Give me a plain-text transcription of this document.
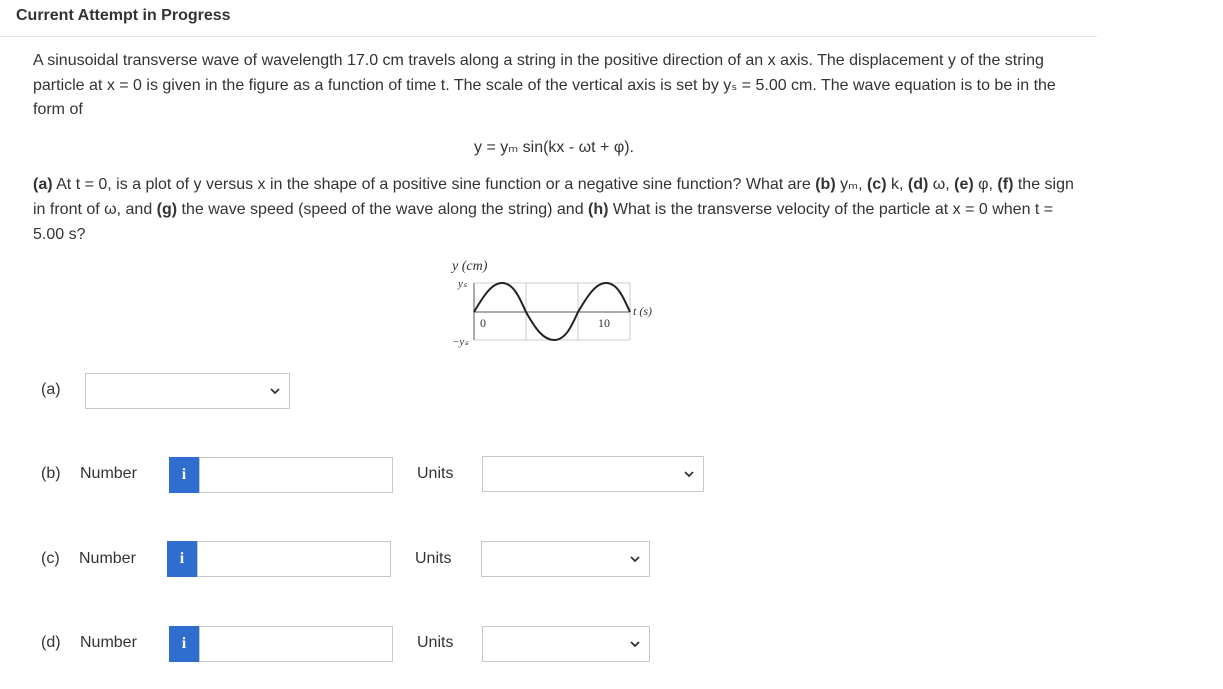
Current Attempt in Progress
A sinusoidal transverse wave of wavelength 17.0 cm travels along a string in the positive direction of an x axis. The displacement y of the string particle at x = 0 is given in the figure as a function of time t. The scale of the vertical axis is set by yₛ = 5.00 cm. The wave equation is to be in the form of
y = yₘ sin(kx - ωt + φ).
(a) At t = 0, is a plot of y versus x in the shape of a positive sine function or a negative sine function? What are (b) yₘ, (c) k, (d) ω, (e) φ, (f) the sign in front of ω, and (g) the wave speed (speed of the wave along the string) and (h) What is the transverse velocity of the particle at x = 0 when t = 5.00 s?
y (cm)
yₛ
−yₛ
0	10
t (s)
(a)
(b) Number	i	Units
(c) Number	i	Units
(d) Number	i	Units
